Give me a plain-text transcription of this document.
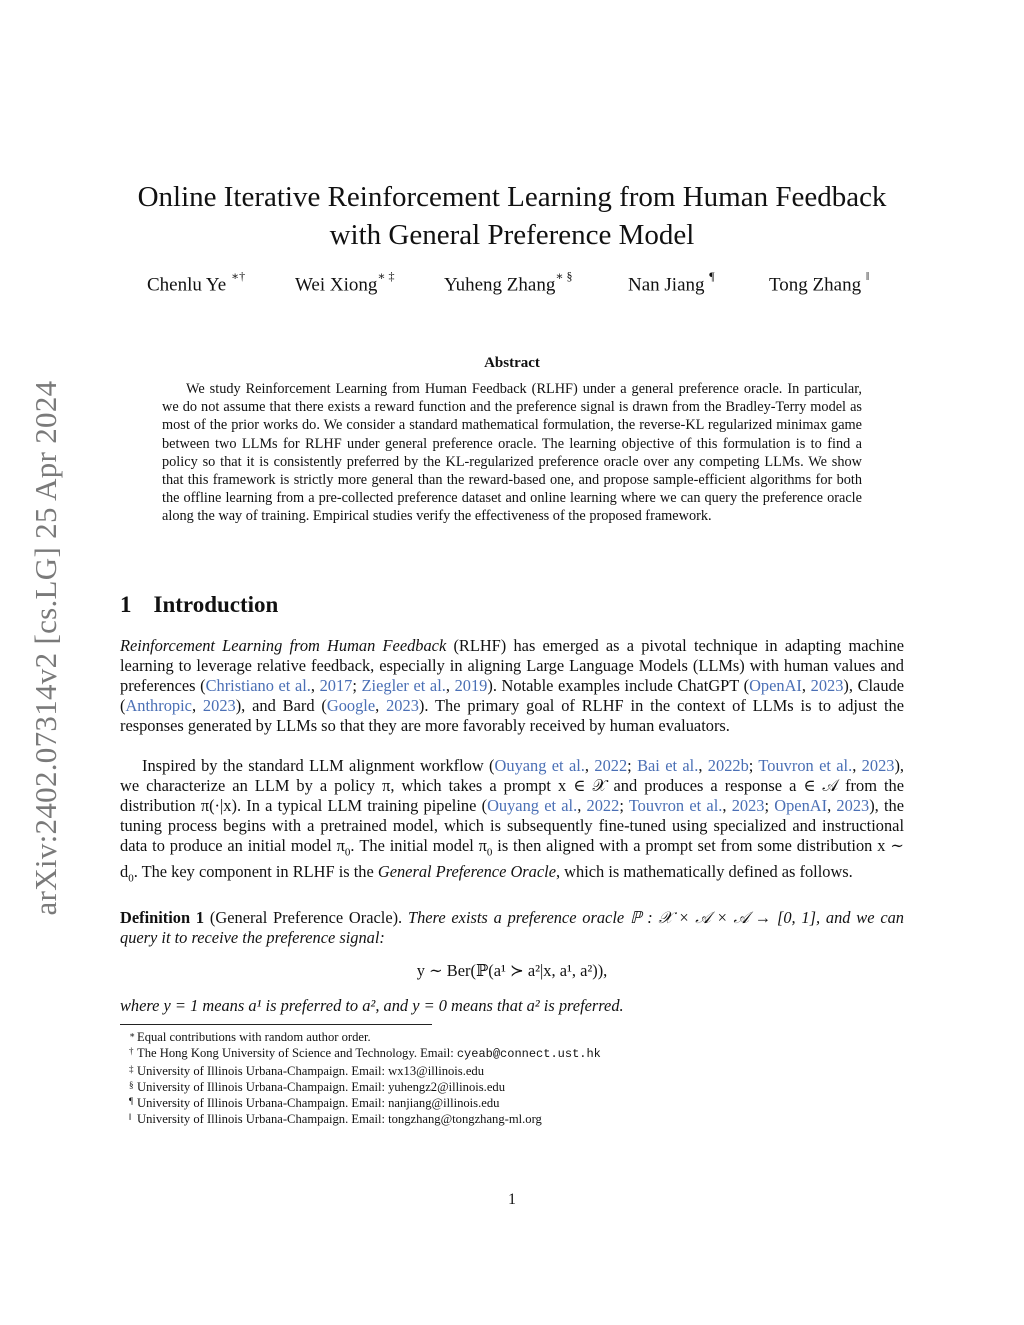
arXiv:2402.07314v2 [cs.LG] 25 Apr 2024
Online Iterative Reinforcement Learning from Human Feedback
with General Preference Model
Chenlu Ye ∗†	Wei Xiong∗ ‡	Yuheng Zhang∗ §	Nan Jiang ¶	Tong Zhang ‖
Abstract
We study Reinforcement Learning from Human Feedback (RLHF) under a general preference oracle. In particular, we do not assume that there exists a reward function and the preference signal is drawn from the Bradley-Terry model as most of the prior works do. We consider a standard mathematical formulation, the reverse-KL regularized minimax game between two LLMs for RLHF under general preference oracle. The learning objective of this formulation is to find a policy so that it is consistently preferred by the KL-regularized preference oracle over any competing LLMs. We show that this framework is strictly more general than the reward-based one, and propose sample-efficient algorithms for both the offline learning from a pre-collected preference dataset and online learning where we can query the preference oracle along the way of training. Empirical studies verify the effectiveness of the proposed framework.
1 Introduction
Reinforcement Learning from Human Feedback (RLHF) has emerged as a pivotal technique in adapting machine learning to leverage relative feedback, especially in aligning Large Language Models (LLMs) with human values and preferences (Christiano et al., 2017; Ziegler et al., 2019). Notable examples include ChatGPT (OpenAI, 2023), Claude (Anthropic, 2023), and Bard (Google, 2023). The primary goal of RLHF in the context of LLMs is to adjust the responses generated by LLMs so that they are more favorably received by human evaluators.
Inspired by the standard LLM alignment workflow (Ouyang et al., 2022; Bai et al., 2022b; Touvron et al., 2023), we characterize an LLM by a policy π, which takes a prompt x ∈ 𝒳 and produces a response a ∈ 𝒜 from the distribution π(·|x). In a typical LLM training pipeline (Ouyang et al., 2022; Touvron et al., 2023; OpenAI, 2023), the tuning process begins with a pretrained model, which is subsequently fine-tuned using specialized and instructional data to produce an initial model $\pi_0$. The initial model $\pi_0$ is then aligned with a prompt set from some distribution x ∼ $d_0$. The key component in RLHF is the General Preference Oracle, which is mathematically defined as follows.
Definition 1 (General Preference Oracle). There exists a preference oracle ℙ : 𝒳 × 𝒜 × 𝒜 → [0, 1], and we can query it to receive the preference signal:
y ∼ Ber(ℙ(a¹ ≻ a²|x, a¹, a²)),
where y = 1 means a¹ is preferred to a², and y = 0 means that a² is preferred.
∗ Equal contributions with random author order.
† The Hong Kong University of Science and Technology. Email: cyeab@connect.ust.hk
‡ University of Illinois Urbana-Champaign. Email: wx13@illinois.edu
§ University of Illinois Urbana-Champaign. Email: yuhengz2@illinois.edu
¶ University of Illinois Urbana-Champaign. Email: nanjiang@illinois.edu
‖ University of Illinois Urbana-Champaign. Email: tongzhang@tongzhang-ml.org
1
